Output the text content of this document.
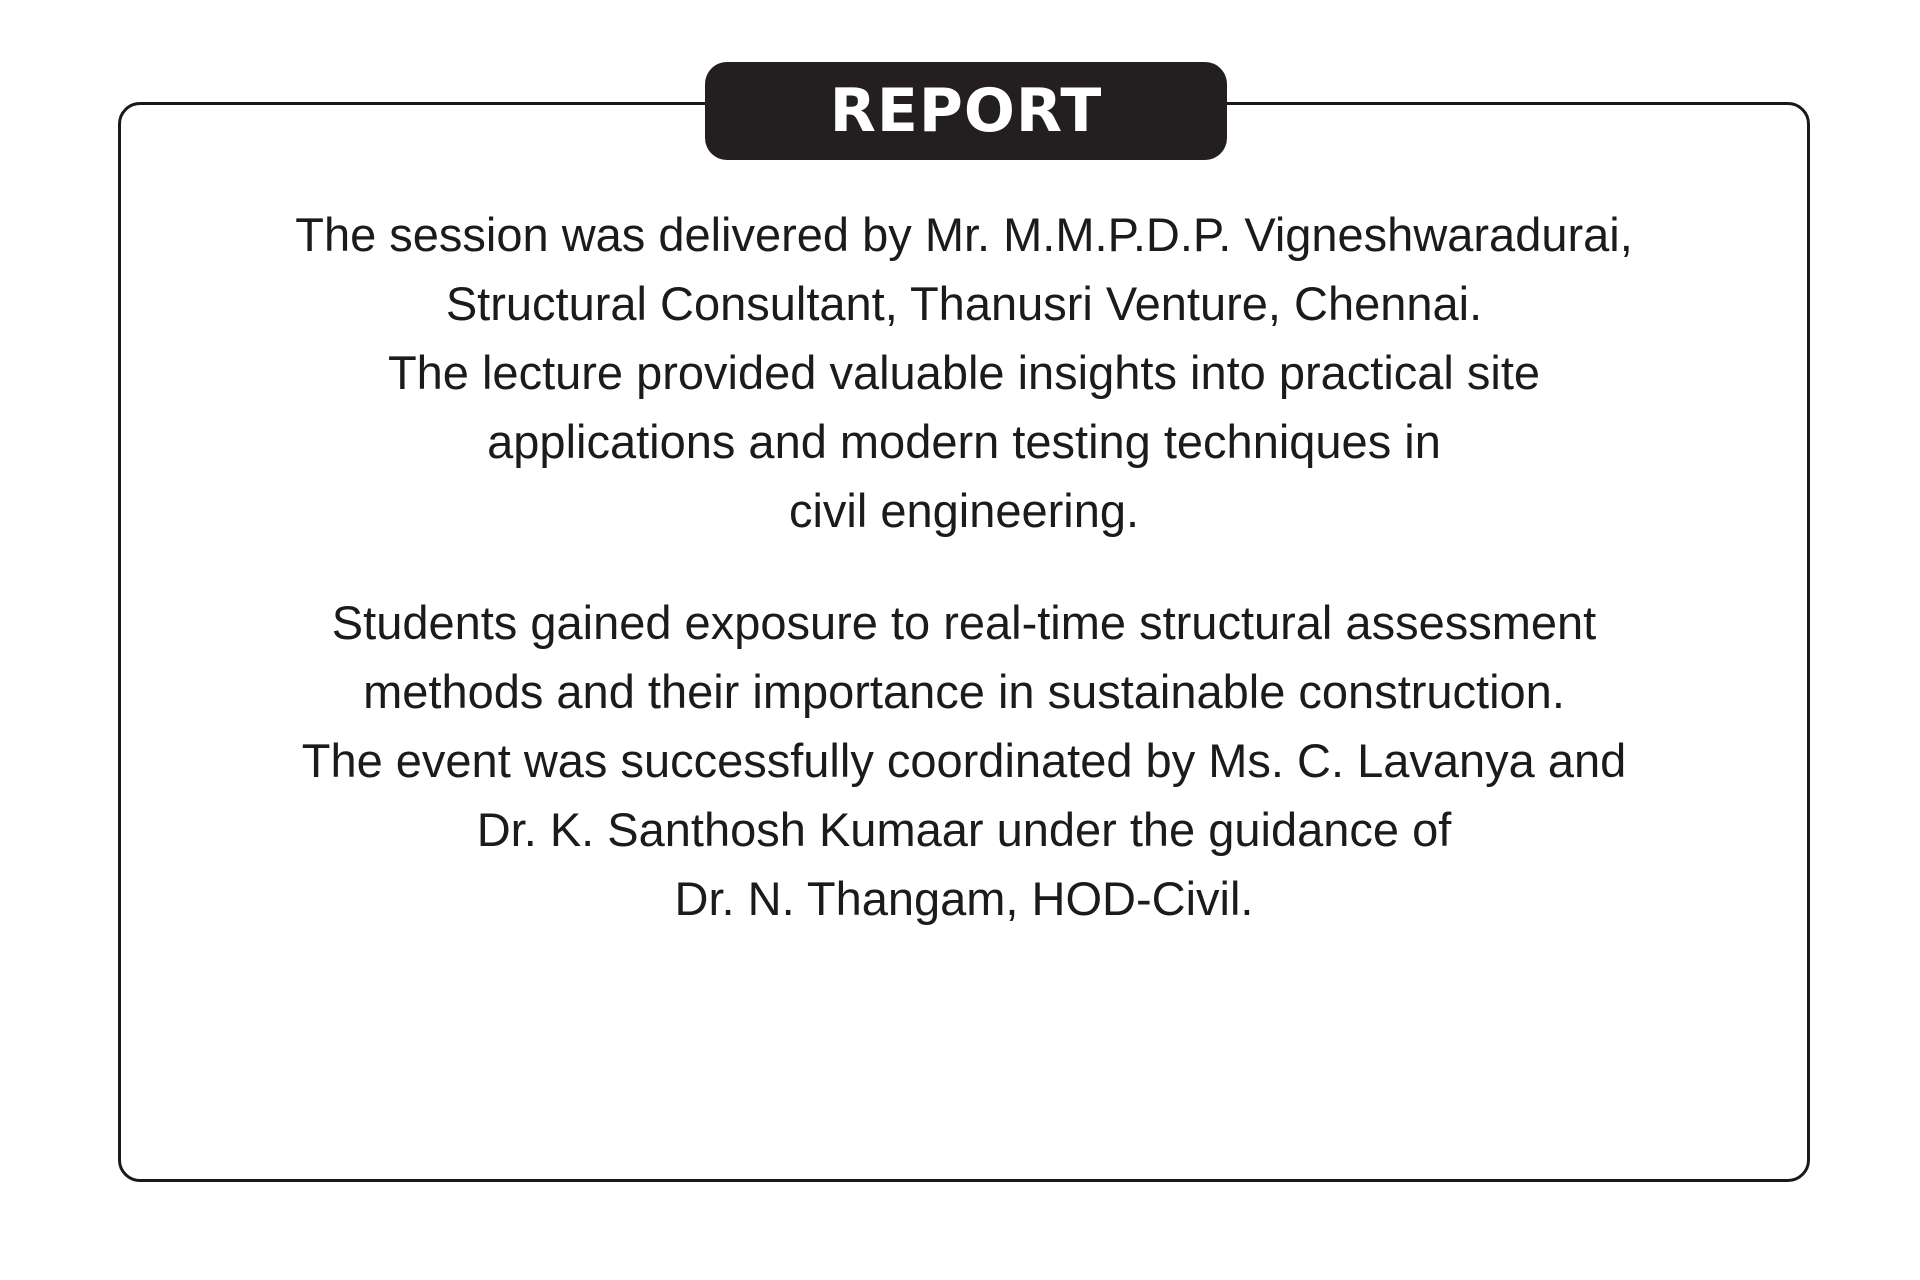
REPORT

The session was delivered by Mr. M.M.P.D.P. Vigneshwaradurai,
Structural Consultant, Thanusri Venture, Chennai.
The lecture provided valuable insights into practical site
applications and modern testing techniques in
civil engineering.

Students gained exposure to real-time structural assessment
methods and their importance in sustainable construction.
The event was successfully coordinated by Ms. C. Lavanya and
Dr. K. Santhosh Kumaar under the guidance of
Dr. N. Thangam, HOD-Civil.
